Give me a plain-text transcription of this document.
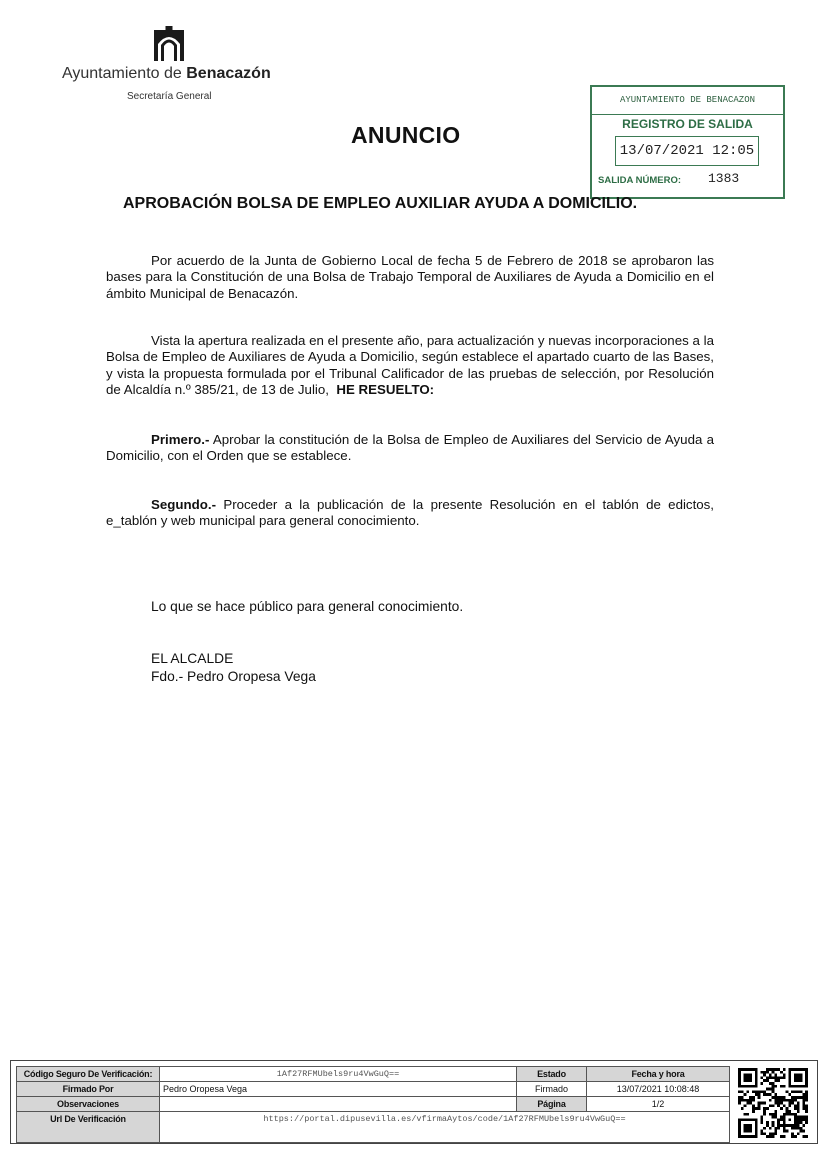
Ayuntamiento de Benacazón
Secretaría General	AYUNTAMIENTO DE BENACAZON
REGISTRO DE SALIDA
13/07/2021 12:05
SALIDA NÚMERO: 1383
ANUNCIO
APROBACIÓN BOLSA DE EMPLEO AUXILIAR AYUDA A DOMICILIO.
Por acuerdo de la Junta de Gobierno Local de fecha 5 de Febrero de 2018 se aprobaron las bases para la Constitución de una Bolsa de Trabajo Temporal de Auxiliares de Ayuda a Domicilio en el ámbito Municipal de Benacazón.
Vista la apertura realizada en el presente año, para actualización y nuevas incorporaciones a la Bolsa de Empleo de Auxiliares de Ayuda a Domicilio, según establece el apartado cuarto de las Bases, y vista la propuesta formulada por el Tribunal Calificador de las pruebas de selección, por Resolución de Alcaldía n.º 385/21, de 13 de Julio, HE RESUELTO:
Primero.- Aprobar la constitución de la Bolsa de Empleo de Auxiliares del Servicio de Ayuda a Domicilio, con el Orden que se establece.
Segundo.- Proceder a la publicación de la presente Resolución en el tablón de edictos, e_tablón y web municipal para general conocimiento.
Lo que se hace público para general conocimiento.
EL ALCALDE
Fdo.- Pedro Oropesa Vega
Código Seguro De Verificación:	1Af27RFMUbels9ru4VwGuQ==	Estado	Fecha y hora
Firmado Por	Pedro Oropesa Vega	Firmado	13/07/2021 10:08:48
Observaciones		Página	1/2
Url De Verificación	https://portal.dipusevilla.es/vfirmaAytos/code/1Af27RFMUbels9ru4VwGuQ==		
